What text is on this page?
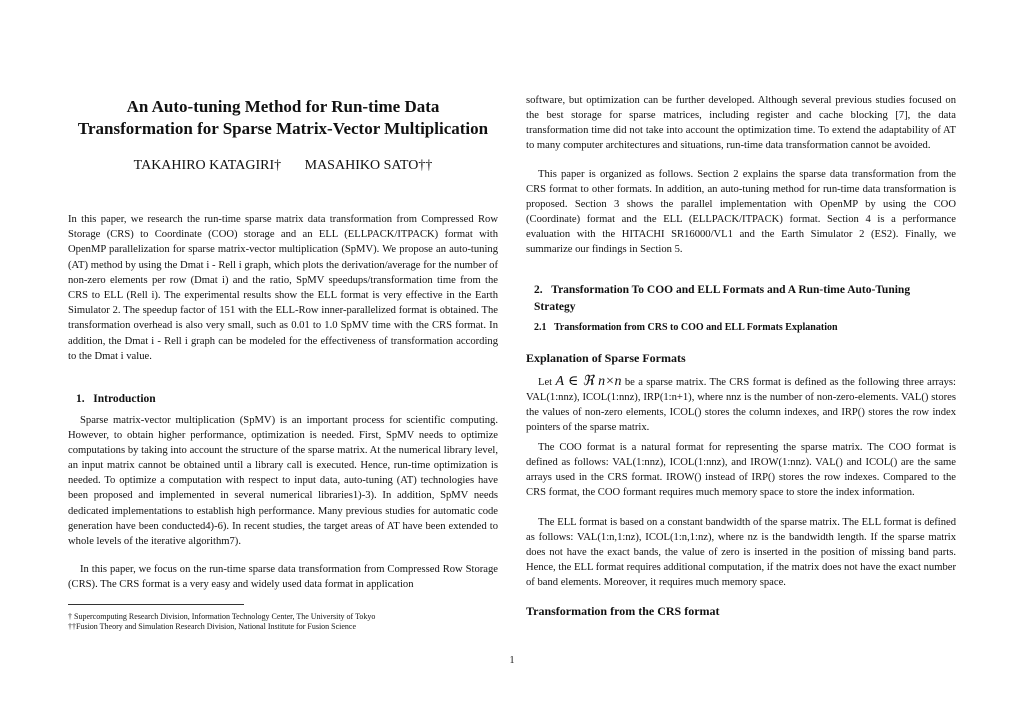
An Auto-tuning Method for Run-time Data Transformation for Sparse Matrix-Vector Multiplication
TAKAHIRO KATAGIRI† MASAHIKO SATO††
In this paper, we research the run-time sparse matrix data transformation from Compressed Row Storage (CRS) to Coordinate (COO) storage and an ELL (ELLPACK/ITPACK) format with OpenMP parallelization for sparse matrix-vector multiplication (SpMV). We propose an auto-tuning (AT) method by using the Dmat i - Rell i graph, which plots the derivation/average for the number of non-zero elements per row (Dmat i) and the ratio, SpMV speedups/transformation time from the CRS to ELL (Rell i). The experimental results show the ELL format is very effective in the Earth Simulator 2. The speedup factor of 151 with the ELL-Row inner-parallelized format is obtained. The transformation overhead is also very small, such as 0.01 to 1.0 SpMV time with the CRS format. In addition, the Dmat i - Rell i graph can be modeled for the effectiveness of transformation according to the Dmat i value.
1.   Introduction
Sparse matrix-vector multiplication (SpMV) is an important process for scientific computing. However, to obtain higher performance, optimization is needed. First, SpMV needs to optimize computations by taking into account the structure of the sparse matrix. At the numerical library level, an input matrix cannot be obtained until a library call is executed. Hence, run-time optimization is needed. To optimize a computation with respect to input data, auto-tuning (AT) technologies have been proposed and implemented in several numerical libraries1)-3). In addition, SpMV needs dedicated implementations to establish high performance. Many previous studies for automatic code generation have been conducted4)-6). In recent studies, the target areas of AT have been extended to whole levels of the iterative algorithm7).
In this paper, we focus on the run-time sparse data transformation from Compressed Row Storage (CRS). The CRS format is a very easy and widely used data format in application
† Supercomputing Research Division, Information Technology Center, The University of Tokyo
††Fusion Theory and Simulation Research Division, National Institute for Fusion Science
software, but optimization can be further developed. Although several previous studies focused on the best storage for sparse matrices, including register and cache blocking [7], the data transformation time did not take into account the optimization time. To extend the adaptability of AT to many computer architectures and situations, run-time data transformation cannot be avoided.
This paper is organized as follows. Section 2 explains the sparse data transformation from the CRS format to other formats. In addition, an auto-tuning method for run-time data transformation is proposed. Section 3 shows the parallel implementation with OpenMP by using the COO (Coordinate) format and the ELL (ELLPACK/ITPACK) format. Section 4 is a performance evaluation with the HITACHI SR16000/VL1 and the Earth Simulator 2 (ES2). Finally, we summarize our findings in Section 5.
2.   Transformation To COO and ELL Formats and A Run-time Auto-Tuning Strategy
2.1   Transformation from CRS to COO and ELL Formats Explanation
Explanation of Sparse Formats
Let A ∈ ℜ n×n be a sparse matrix. The CRS format is defined as the following three arrays: VAL(1:nnz), ICOL(1:nnz), IRP(1:n+1), where nnz is the number of non-zero-elements. VAL() stores the values of non-zero elements, ICOL() stores the column indexes, and IRP() stores the row index pointers of the sparse matrix.
The COO format is a natural format for representing the sparse matrix. The COO format is defined as follows: VAL(1:nnz), ICOL(1:nnz), and IROW(1:nnz). VAL() and ICOL() are the same arrays used in the CRS format. IROW() instead of IRP() stores the row indexes. Compared to the CRS format, the COO formant requires much memory space to store the index information.
The ELL format is based on a constant bandwidth of the sparse matrix. The ELL format is defined as follows: VAL(1:n,1:nz), ICOL(1:n,1:nz), where nz is the bandwidth length. If the sparse matrix does not have the exact bands, the value of zero is inserted in the position of missing band parts. Hence, the ELL format requires additional computation, if the matrix does not have the exact number of band elements. Moreover, it requires much memory space.
Transformation from the CRS format
1
